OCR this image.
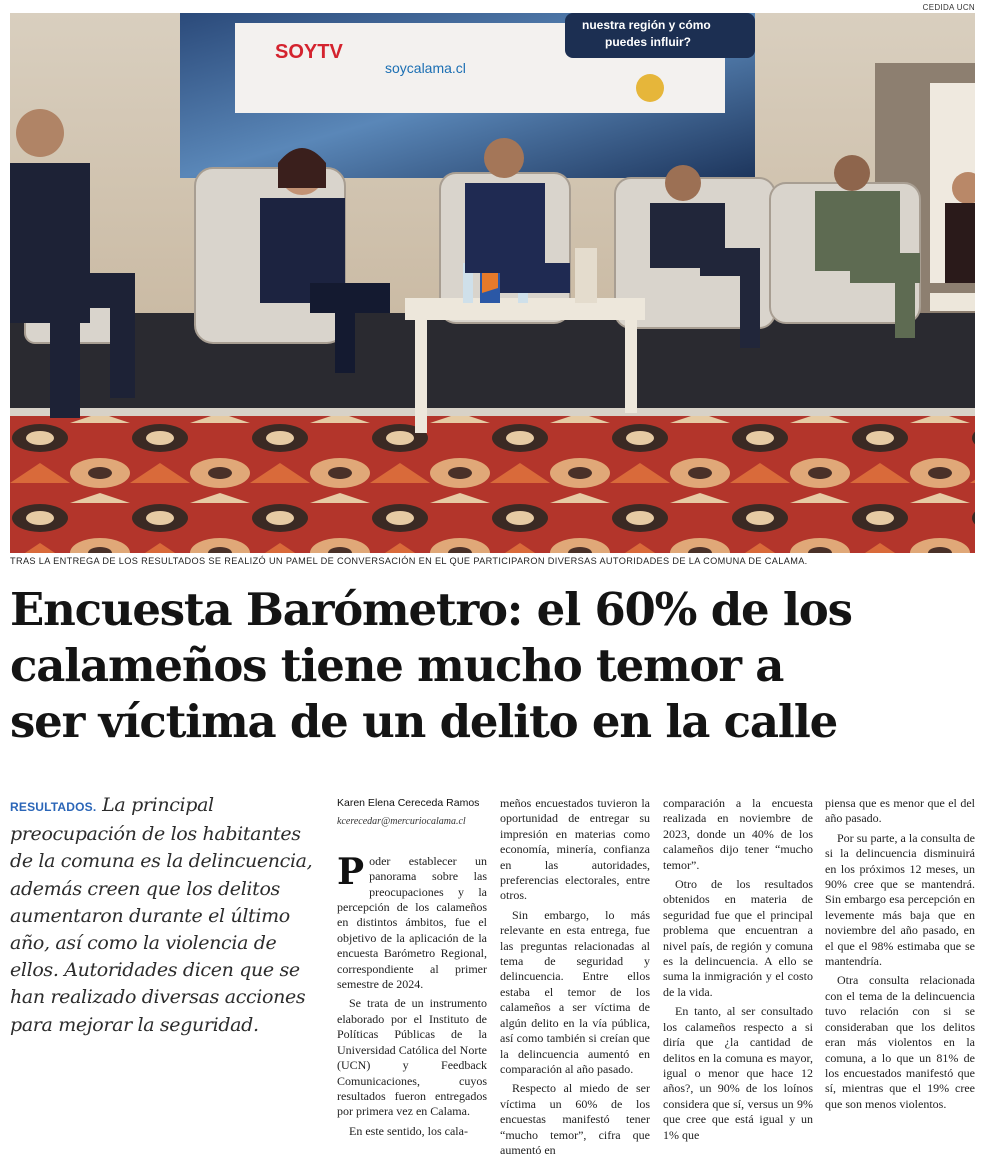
CEDIDA UCN
SOYTV
soycalama.cl
nuestra región y cómo
puedes influir?
TRAS LA ENTREGA DE LOS RESULTADOS SE REALIZÓ UN PAMEL DE CONVERSACIÓN EN EL QUE PARTICIPARON DIVERSAS AUTORIDADES DE LA COMUNA DE CALAMA.
Encuesta Barómetro: el 60% de los
calameños tiene mucho temor a
ser víctima de un delito en la calle
RESULTADOS. La principal preocupación de los habitantes de la comuna es la delincuencia, además creen que los delitos aumentaron durante el último año, así como la violencia de ellos. Autoridades dicen que se han realizado diversas acciones para mejorar la seguridad.
Karen Elena Cereceda Ramos
kcerecedar@mercuriocalama.cl

Poder establecer un panorama sobre las preocupaciones y la percepción de los calameños en distintos ámbitos, fue el objetivo de la aplicación de la encuesta Barómetro Regional, correspondiente al primer semestre de 2024.

Se trata de un instrumento elaborado por el Instituto de Políticas Públicas de la Universidad Católica del Norte (UCN) y Feedback Comunicaciones, cuyos resultados fueron entregados por primera vez en Calama.

En este sentido, los cala-

meños encuestados tuvieron la oportunidad de entregar su impresión en materias como economía, minería, confianza en las autoridades, preferencias electorales, entre otros.

Sin embargo, lo más relevante en esta entrega, fue las preguntas relacionadas al tema de seguridad y delincuencia. Entre ellos estaba el temor de los calameños a ser víctima de algún delito en la vía pública, así como también si creían que la delincuencia aumentó en comparación al año pasado.

Respecto al miedo de ser víctima un 60% de los encuestas manifestó tener “mucho temor”, cifra que aumentó en

comparación a la encuesta realizada en noviembre de 2023, donde un 40% de los calameños dijo tener “mucho temor”.

Otro de los resultados obtenidos en materia de seguridad fue que el principal problema que encuentran a nivel país, de región y comuna es la delincuencia. A ello se suma la inmigración y el costo de la vida.

En tanto, al ser consultado los calameños respecto a si diría que ¿la cantidad de delitos en la comuna es mayor, igual o menor que hace 12 años?, un 90% de los loínos considera que sí, versus un 9% que cree que está igual y un 1% que

piensa que es menor que el del año pasado.

Por su parte, a la consulta de si la delincuencia disminuirá en los próximos 12 meses, un 90% cree que se mantendrá. Sin embargo esa percepción en levemente más baja que en noviembre del año pasado, en el que el 98% estimaba que se mantendría.

Otra consulta relacionada con el tema de la delincuencia tuvo relación con si se consideraban que los delitos eran más violentos en la comuna, a lo que un 81% de los encuestados manifestó que sí, mientras que el 19% cree que son menos violentos.
